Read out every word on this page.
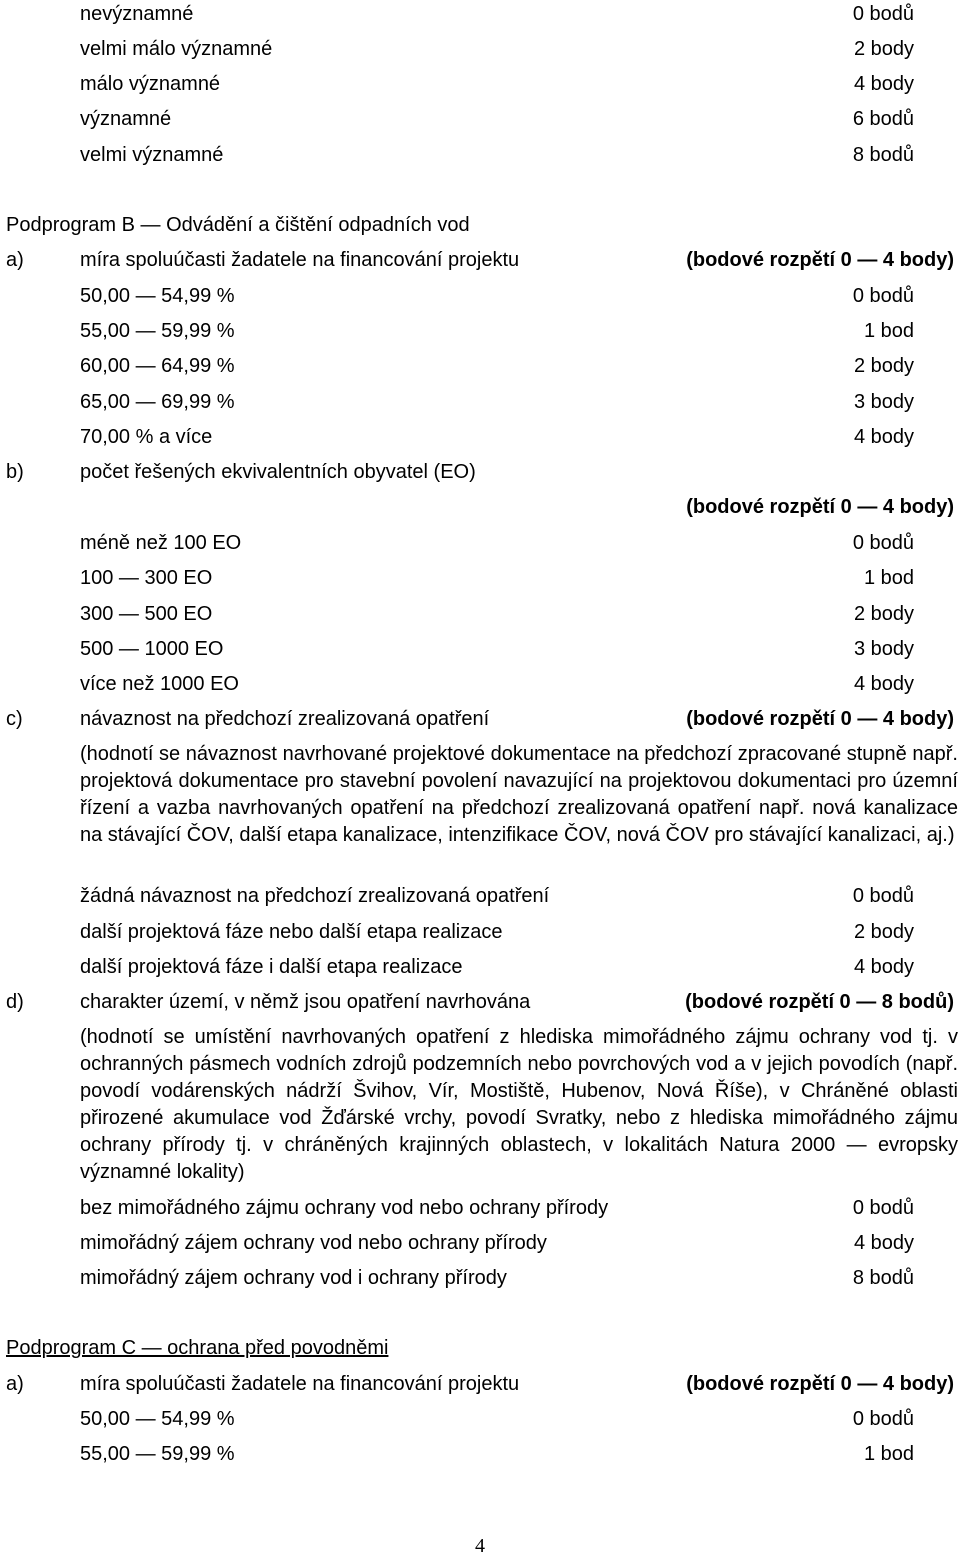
nevýznamné	0 bodů
velmi málo významné	2 body
málo významné	4 body
významné	6 bodů
velmi významné	8 bodů
Podprogram B — Odvádění a čištění odpadních vod
a)	míra spoluúčasti žadatele na financování projektu	(bodové rozpětí 0 — 4 body)
50,00 — 54,99 %	0 bodů
55,00 — 59,99 %	1 bod
60,00 — 64,99 %	2 body
65,00 — 69,99 %	3 body
70,00 % a více	4 body
b)	počet řešených ekvivalentních obyvatel (EO)
(bodové rozpětí 0 — 4 body)
méně než 100 EO	0 bodů
100 — 300 EO	1 bod
300 — 500 EO	2 body
500 — 1000 EO	3 body
více než 1000 EO	4 body
c)	návaznost na předchozí zrealizovaná opatření	(bodové rozpětí 0 — 4 body)
(hodnotí se návaznost navrhované projektové dokumentace na předchozí zpracované stupně např. projektová dokumentace pro stavební povolení navazující na projektovou dokumentaci pro územní řízení a vazba navrhovaných opatření na předchozí zrealizovaná opatření např. nová kanalizace na stávající ČOV, další etapa kanalizace, intenzifikace ČOV, nová ČOV pro stávající kanalizaci, aj.)
žádná návaznost na předchozí zrealizovaná opatření	0 bodů
další projektová fáze nebo další etapa realizace	2 body
další projektová fáze i další etapa realizace	4 body
d)	charakter území, v němž jsou opatření navrhována	(bodové rozpětí 0 — 8 bodů)
(hodnotí se umístění navrhovaných opatření z hlediska mimořádného zájmu ochrany vod tj. v ochranných pásmech vodních zdrojů podzemních nebo povrchových vod a v jejich povodích (např. povodí vodárenských nádrží Švihov, Vír, Mostiště, Hubenov, Nová Říše), v Chráněné oblasti přirozené akumulace vod Žďárské vrchy, povodí Svratky, nebo z hlediska mimořádného zájmu ochrany přírody tj. v chráněných krajinných oblastech, v lokalitách Natura 2000 — evropsky významné lokality)
bez mimořádného zájmu ochrany vod nebo ochrany přírody	0 bodů
mimořádný zájem ochrany vod nebo ochrany přírody	4 body
mimořádný zájem ochrany vod i ochrany přírody	8 bodů
Podprogram C — ochrana před povodněmi
a)	míra spoluúčasti žadatele na financování projektu	(bodové rozpětí 0 — 4 body)
50,00 — 54,99 %	0 bodů
55,00 — 59,99 %	1 bod
4
